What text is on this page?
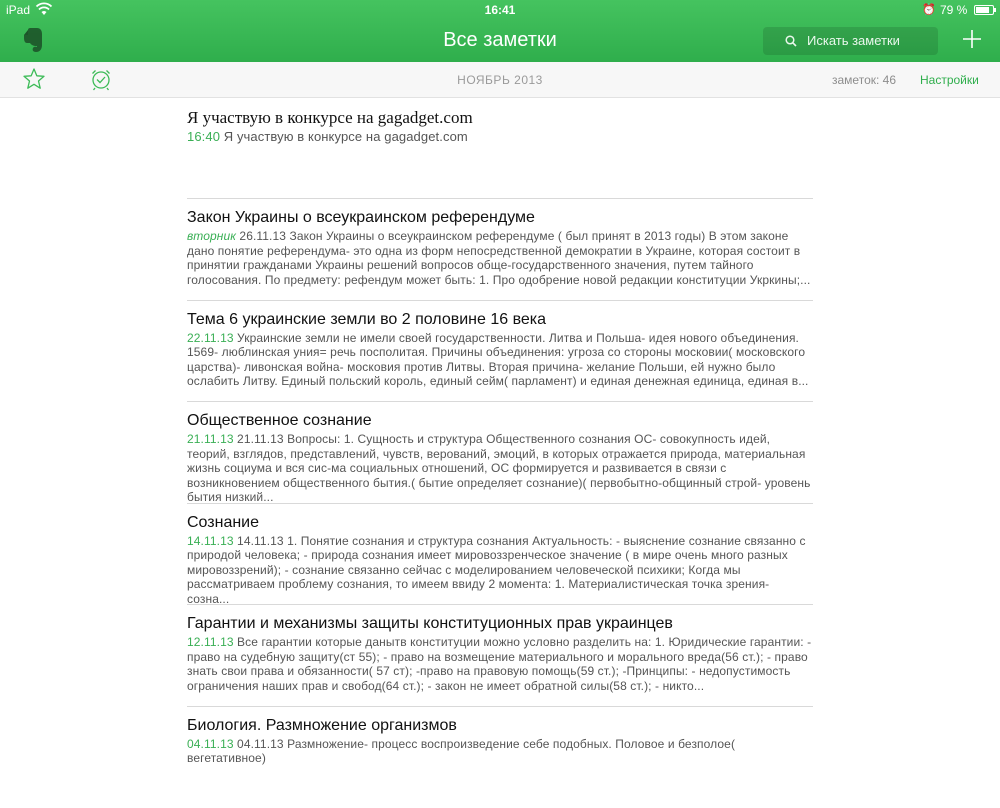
iPad	16:41	⏰ 79 %
Все заметки	Искать заметки
НОЯБРЬ 2013	заметок: 46 Настройки
Я участвую в конкурсе на gagadget.com

16:40 Я участвую в конкурсе на gagadget.com

Закон Украины о всеукраинском референдуме

вторник 26.11.13 Закон Украины о всеукраинском референдуме ( был принят в 2013 годы) В этом законе дано понятие референдума- это одна из форм непосредственной демократии в Украине, которая состоит в принятии гражданами Украины решений вопросов обще-государственного значения, путем тайного голосования. По предмету: рефендум может быть: 1. Про одобрение новой редакции конституции Укркины;...

Тема 6 украинские земли во 2 половине 16 века

22.11.13 Украинские земли не имели своей государственности. Литва и Польша- идея нового объединения. 1569- люблинская уния= речь посполитая. Причины объединения: угроза со стороны московии( московского царства)- ливонская война- московия против Литвы. Вторая причина- желание Польши, ей нужно было ослабить Литву. Единый польский король, единый сейм( парламент) и единая денежная единица, единая в...

Общественное сознание

21.11.13 21.11.13 Вопросы: 1. Сущность и структура Общественного сознания ОС- совокупность идей, теорий, взглядов, представлений, чувств, верований, эмоций, в которых отражается природа, материальная жизнь социума и вся сис-ма социальных отношений, ОС формируется и развивается в связи с возникновением общественного бытия.( бытие определяет сознание)( первобытно-общинный строй- уровень бытия низкий...

Сознание

14.11.13 14.11.13 1. Понятие сознания и структура сознания Актуальность: - выяснение сознание связанно с природой человека; - природа сознания имеет мировоззренческое значение ( в мире очень много разных мировоззрений); - сознание связанно сейчас с моделированием человеческой психики; Когда мы рассматриваем проблему сознания, то имеем ввиду 2 момента: 1. Материалистическая точка зрения- созна...

Гарантии и механизмы защиты конституционных прав украинцев

12.11.13 Все гарантии которые данытв конституции можно условно разделить на: 1. Юридические гарантии: - право на судебную защиту(ст 55); - право на возмещение материального и морального вреда(56 ст.); - право знать свои права и обязанности( 57 ст); -право на правовую помощь(59 ст.); -Принципы: - недопустимость ограничения наших прав и свобод(64 ст.); - закон не имеет обратной силы(58 ст.); - никто...

Биология. Размножение организмов

04.11.13 04.11.13 Размножение- процесс воспроизведение себе подобных. Половое и безполое( вегетативное)
